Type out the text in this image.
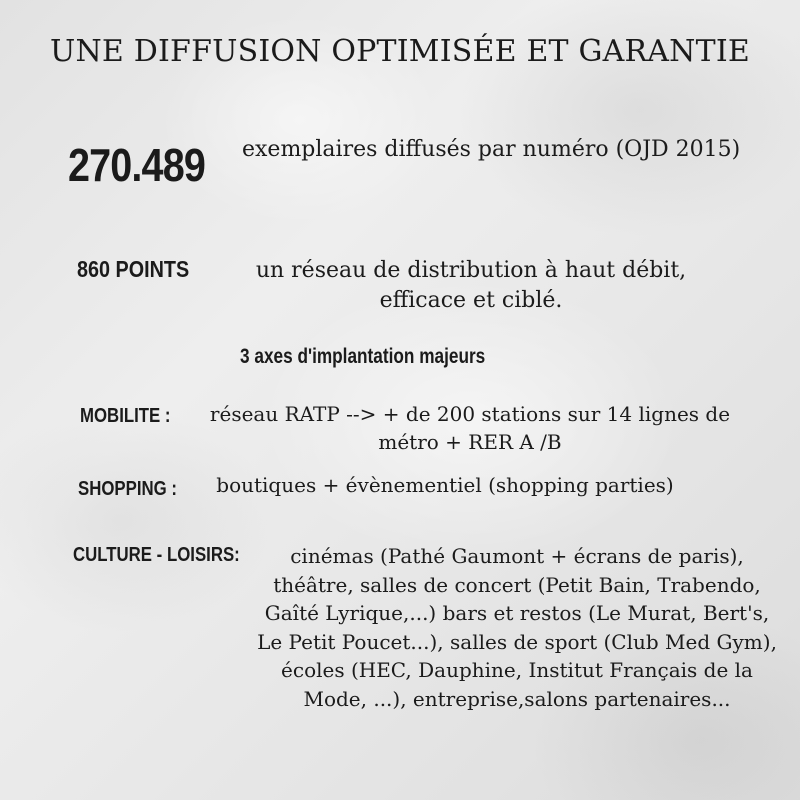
UNE DIFFUSION OPTIMISÉE ET GARANTIE
270.489 exemplaires diffusés par numéro (OJD 2015)
860 POINTS	un réseau de distribution à haut débit, efficace et ciblé.
3 axes d'implantation majeurs
MOBILITE : réseau RATP --> + de 200 stations sur 14 lignes de métro + RER A /B
SHOPPING :	boutiques + évènementiel (shopping parties)
CULTURE - LOISIRS:	cinémas (Pathé Gaumont + écrans de paris), théâtre, salles de concert (Petit Bain, Trabendo, Gaîté Lyrique,...) bars et restos (Le Murat, Bert's, Le Petit Poucet...), salles de sport (Club Med Gym), écoles (HEC, Dauphine, Institut Français de la Mode, ...), entreprise,salons partenaires...
